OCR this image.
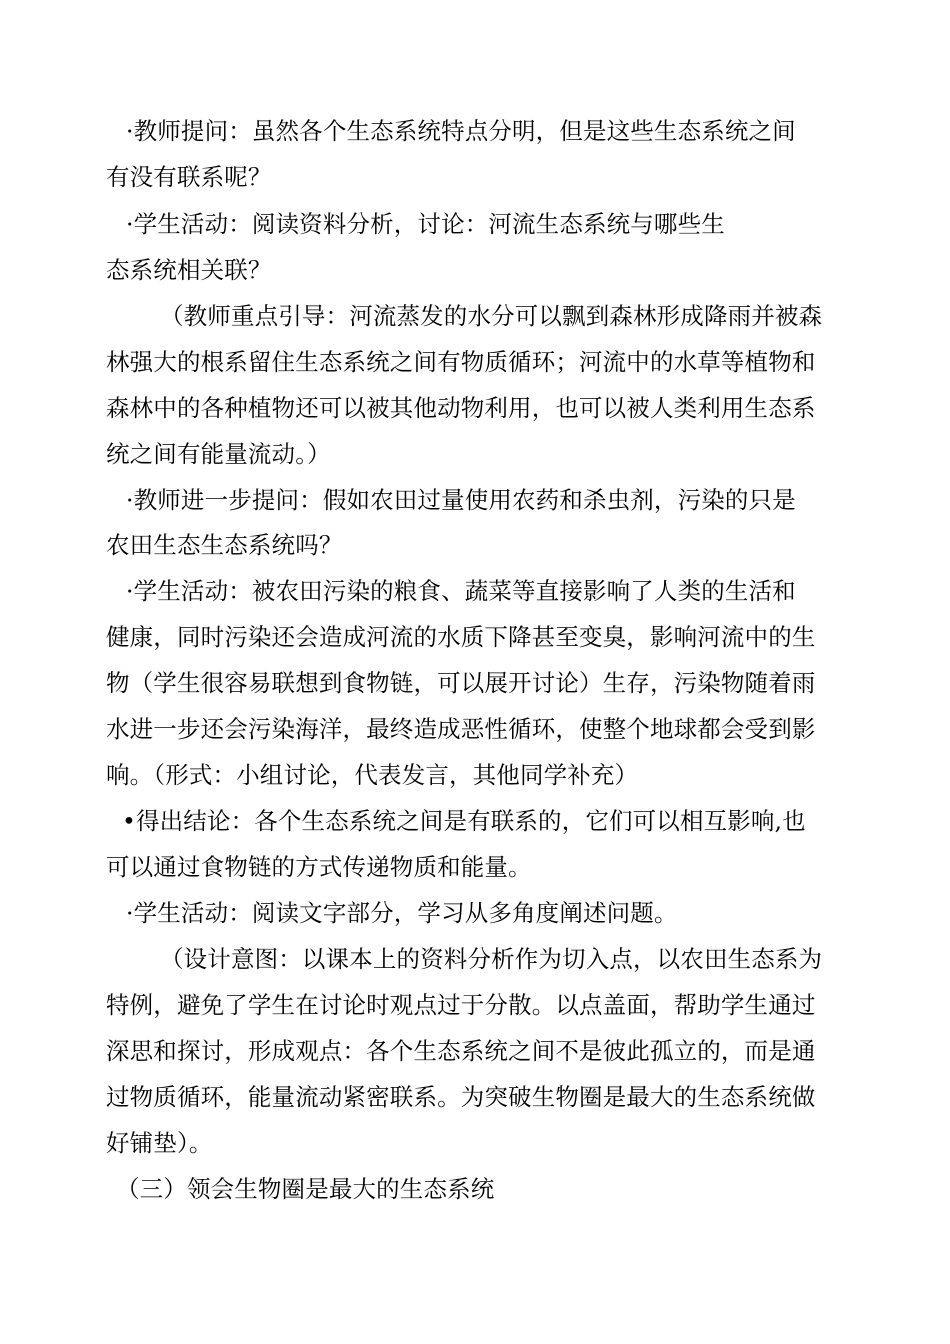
·教师提问：虽然各个生态系统特点分明，但是这些生态系统之间
有没有联系呢？
·学生活动：阅读资料分析，讨论：河流生态系统与哪些生
态系统相关联？
（教师重点引导：河流蒸发的水分可以飘到森林形成降雨并被森
林强大的根系留住生态系统之间有物质循环；河流中的水草等植物和
森林中的各种植物还可以被其他动物利用，也可以被人类利用生态系
统之间有能量流动。）
·教师进一步提问：假如农田过量使用农药和杀虫剂，污染的只是
农田生态生态系统吗？
·学生活动：被农田污染的粮食、蔬菜等直接影响了人类的生活和
健康，同时污染还会造成河流的水质下降甚至变臭，影响河流中的生
物（学生很容易联想到食物链，可以展开讨论）生存，污染物随着雨
水进一步还会污染海洋，最终造成恶性循环，使整个地球都会受到影
响。（形式：小组讨论，代表发言，其他同学补充）
•得出结论：各个生态系统之间是有联系的，它们可以相互影响,也
可以通过食物链的方式传递物质和能量。
·学生活动：阅读文字部分，学习从多角度阐述问题。
（设计意图：以课本上的资料分析作为切入点，以农田生态系为
特例，避免了学生在讨论时观点过于分散。以点盖面，帮助学生通过
深思和探讨，形成观点：各个生态系统之间不是彼此孤立的，而是通
过物质循环，能量流动紧密联系。为突破生物圈是最大的生态系统做
好铺垫）。
（三）领会生物圈是最大的生态系统
